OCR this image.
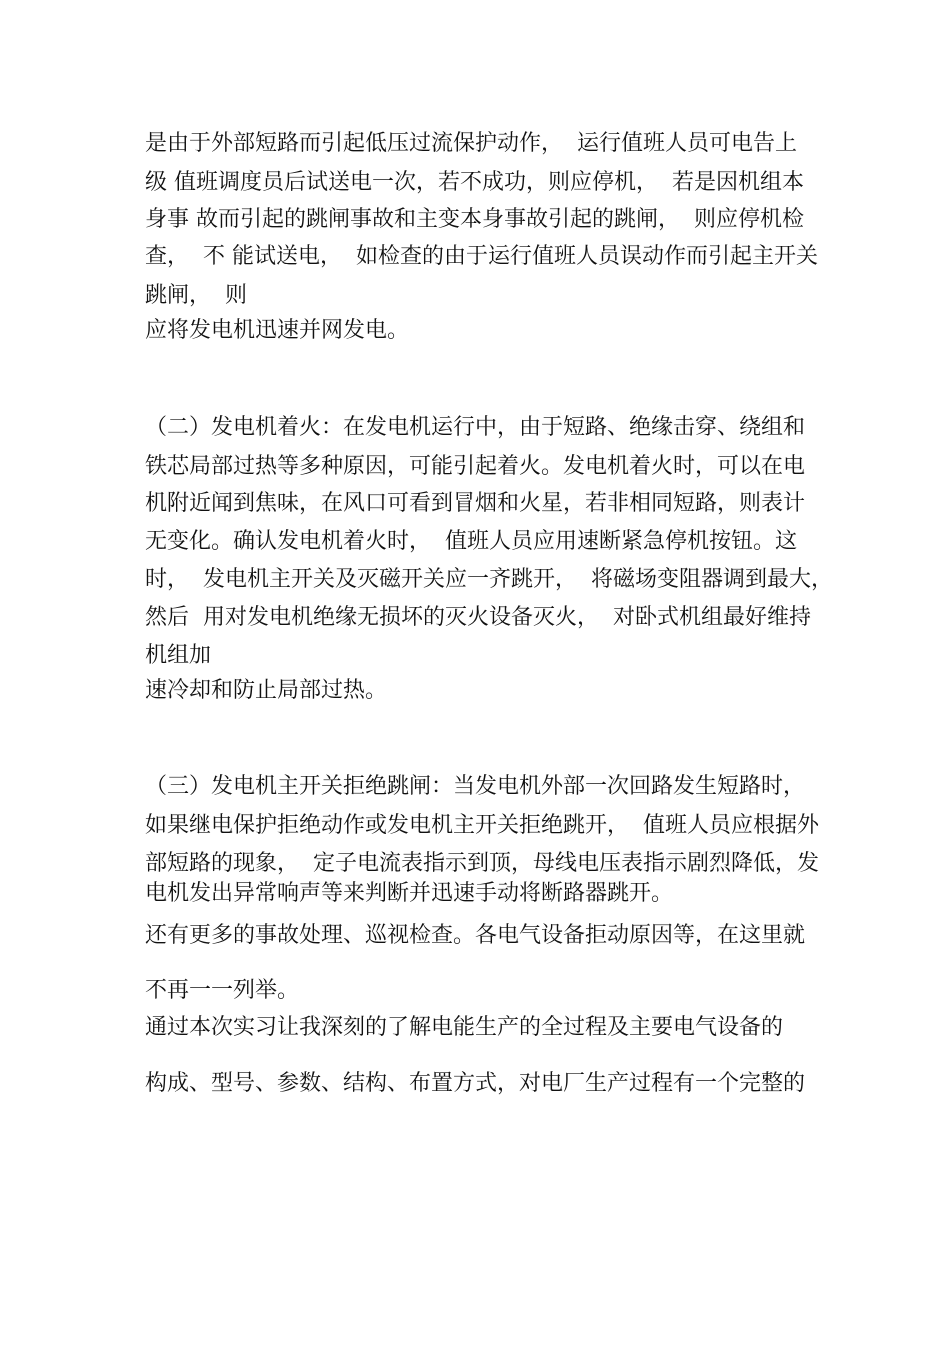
是由于外部短路而引起低压过流保护动作，  运行值班人员可电告上
级 值班调度员后试送电一次，若不成功，则应停机，  若是因机组本
身事 故而引起的跳闸事故和主变本身事故引起的跳闸，  则应停机检
查，  不 能试送电，  如检查的由于运行值班人员误动作而引起主开关
跳闸，  则
应将发电机迅速并网发电。
（二）发电机着火：在发电机运行中，由于短路、绝缘击穿、绕组和
铁芯局部过热等多种原因，可能引起着火。发电机着火时，可以在电
机附近闻到焦味，在风口可看到冒烟和火星，若非相同短路，则表计
无变化。确认发电机着火时，  值班人员应用速断紧急停机按钮。这
时，  发电机主开关及灭磁开关应一齐跳开，  将磁场变阻器调到最大，
然后  用对发电机绝缘无损坏的灭火设备灭火，  对卧式机组最好维持
机组加
速冷却和防止局部过热。
（三）发电机主开关拒绝跳闸：当发电机外部一次回路发生短路时，
如果继电保护拒绝动作或发电机主开关拒绝跳开，  值班人员应根据外
部短路的现象，  定子电流表指示到顶，母线电压表指示剧烈降低，发
电机发出异常响声等来判断并迅速手动将断路器跳开。
还有更多的事故处理、巡视检查。各电气设备拒动原因等，在这里就
不再一一列举。
通过本次实习让我深刻的了解电能生产的全过程及主要电气设备的
构成、型号、参数、结构、布置方式，对电厂生产过程有一个完整的
